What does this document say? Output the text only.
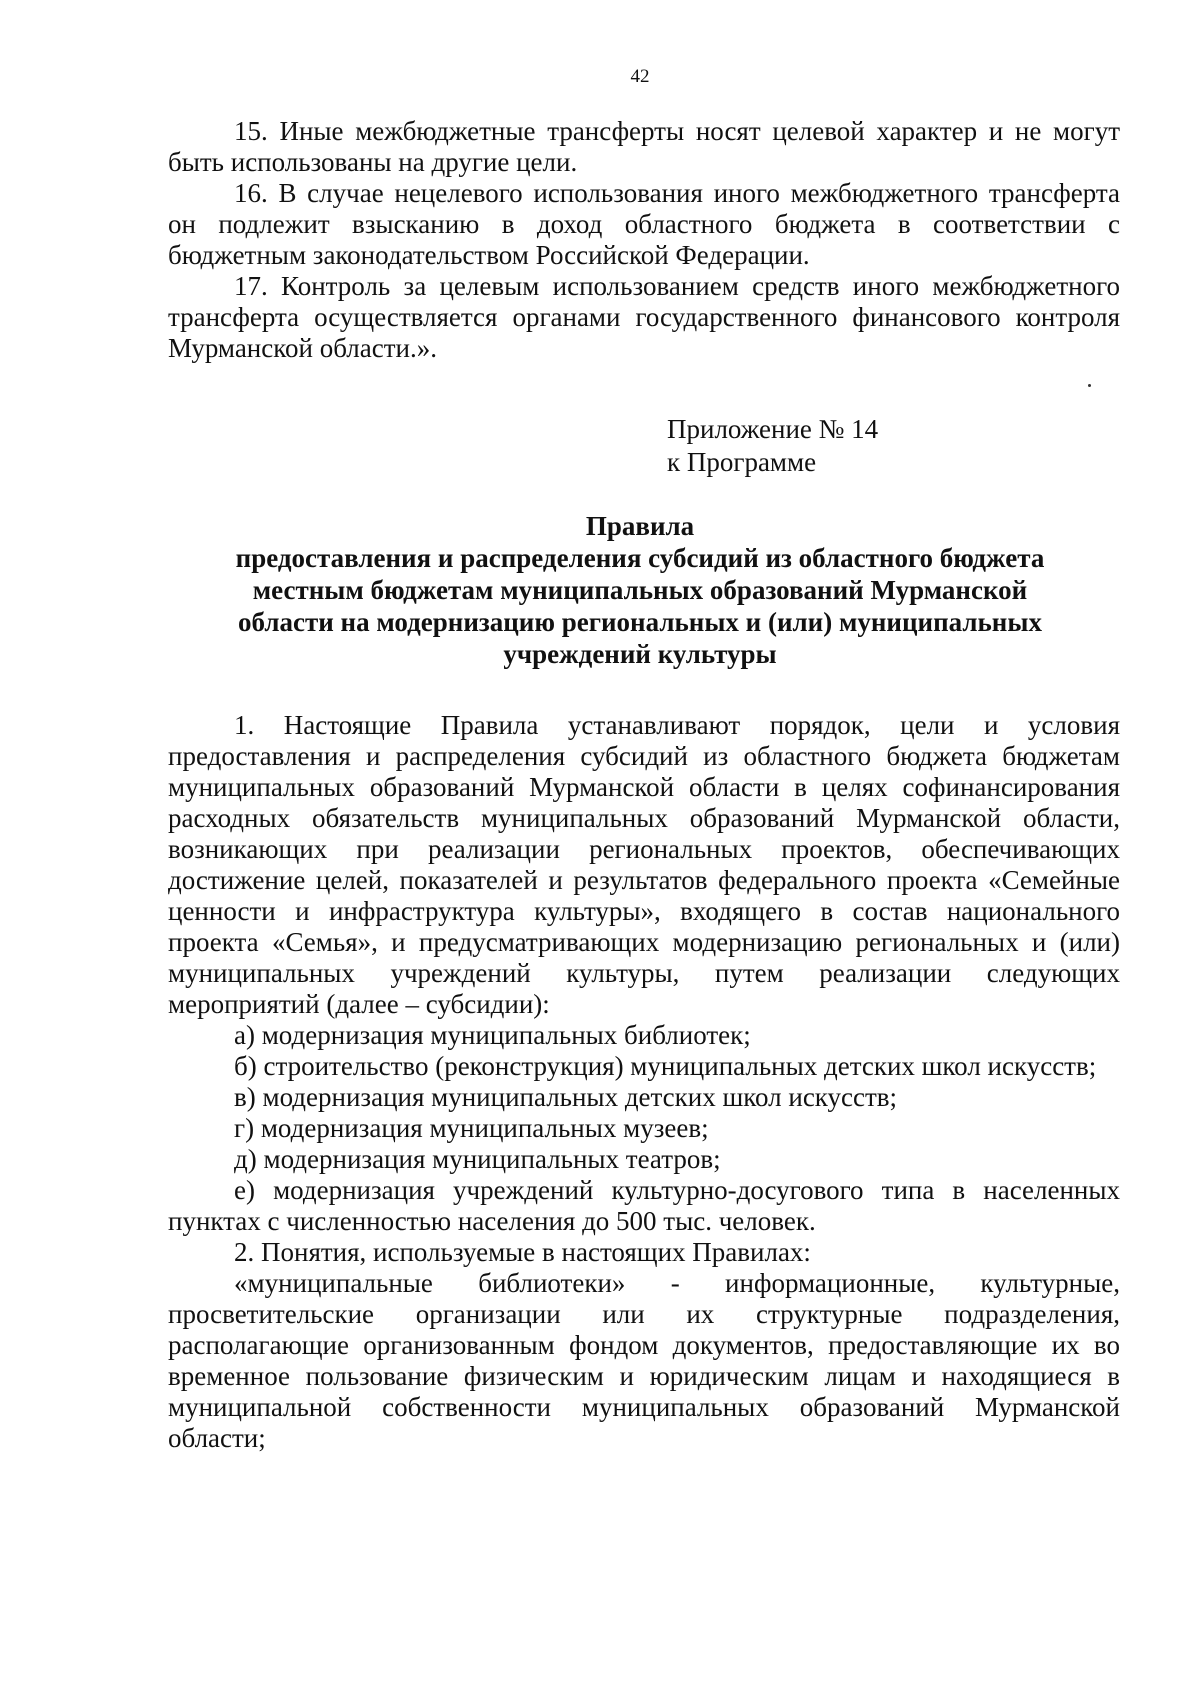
42

15. Иные межбюджетные трансферты носят целевой характер и не могут быть использованы на другие цели.

16. В случае нецелевого использования иного межбюджетного трансферта он подлежит взысканию в доход областного бюджета в соответствии с бюджетным законодательством Российской Федерации.

17. Контроль за целевым использованием средств иного межбюджетного трансферта осуществляется органами государственного финансового контроля Мурманской области.».

Приложение № 14
к Программе
Правила
предоставления и распределения субсидий из областного бюджета
местным бюджетам муниципальных образований Мурманской
области на модернизацию региональных и (или) муниципальных
учреждений культуры

1. Настоящие Правила устанавливают порядок, цели и условия предоставления и распределения субсидий из областного бюджета бюджетам муниципальных образований Мурманской области в целях софинансирования расходных обязательств муниципальных образований Мурманской области, возникающих при реализации региональных проектов, обеспечивающих достижение целей, показателей и результатов федерального проекта «Семейные ценности и инфраструктура культуры», входящего в состав национального проекта «Семья», и предусматривающих модернизацию региональных и (или) муниципальных учреждений культуры, путем реализации следующих мероприятий (далее – субсидии):

а) модернизация муниципальных библиотек;

б) строительство (реконструкция) муниципальных детских школ искусств;

в) модернизация муниципальных детских школ искусств;

г) модернизация муниципальных музеев;

д) модернизация муниципальных театров;

е) модернизация учреждений культурно-досугового типа в населенных пунктах с численностью населения до 500 тыс. человек.

2. Понятия, используемые в настоящих Правилах:

«муниципальные библиотеки» - информационные, культурные, просветительские организации или их структурные подразделения, располагающие организованным фондом документов, предоставляющие их во временное пользование физическим и юридическим лицам и находящиеся в муниципальной собственности муниципальных образований Мурманской области;
